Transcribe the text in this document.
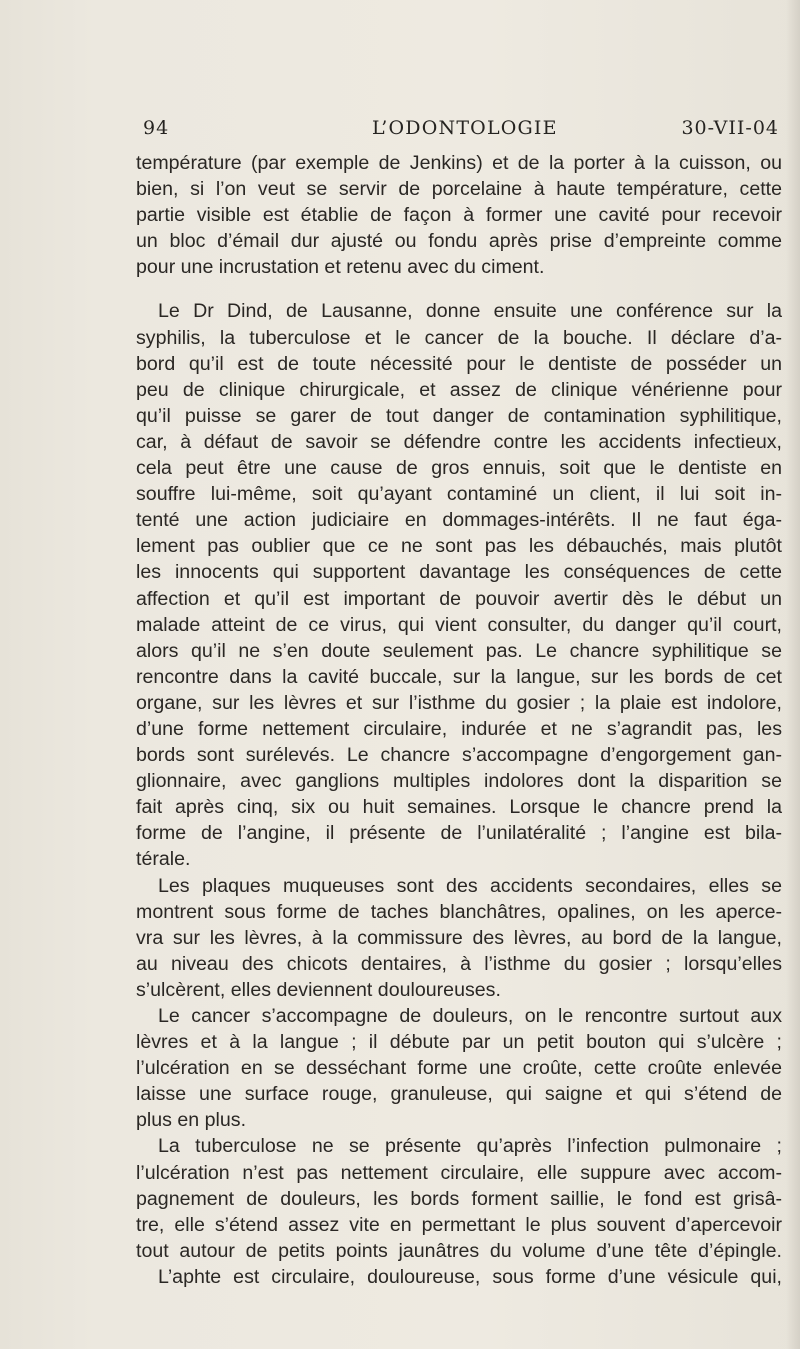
94	L’ODONTOLOGIE	30-VII-04
température (par exemple de Jenkins) et de la porter à la cuisson, ou
bien, si l’on veut se servir de porcelaine à haute température, cette
partie visible est établie de façon à former une cavité pour recevoir
un bloc d’émail dur ajusté ou fondu après prise d’empreinte comme
pour une incrustation et retenu avec du ciment.
Le Dr Dind, de Lausanne, donne ensuite une conférence sur la
syphilis, la tuberculose et le cancer de la bouche. Il déclare d’a-
bord qu’il est de toute nécessité pour le dentiste de posséder un
peu de clinique chirurgicale, et assez de clinique vénérienne pour
qu’il puisse se garer de tout danger de contamination syphilitique,
car, à défaut de savoir se défendre contre les accidents infectieux,
cela peut être une cause de gros ennuis, soit que le dentiste en
souffre lui-même, soit qu’ayant contaminé un client, il lui soit in-
tenté une action judiciaire en dommages-intérêts. Il ne faut éga-
lement pas oublier que ce ne sont pas les débauchés, mais plutôt
les innocents qui supportent davantage les conséquences de cette
affection et qu’il est important de pouvoir avertir dès le début un
malade atteint de ce virus, qui vient consulter, du danger qu’il court,
alors qu’il ne s’en doute seulement pas. Le chancre syphilitique se
rencontre dans la cavité buccale, sur la langue, sur les bords de cet
organe, sur les lèvres et sur l’isthme du gosier ; la plaie est indolore,
d’une forme nettement circulaire, indurée et ne s’agrandit pas, les
bords sont surélevés. Le chancre s’accompagne d’engorgement gan-
glionnaire, avec ganglions multiples indolores dont la disparition se
fait après cinq, six ou huit semaines. Lorsque le chancre prend la
forme de l’angine, il présente de l’unilatéralité ; l’angine est bila-
térale.
Les plaques muqueuses sont des accidents secondaires, elles se
montrent sous forme de taches blanchâtres, opalines, on les aperce-
vra sur les lèvres, à la commissure des lèvres, au bord de la langue,
au niveau des chicots dentaires, à l’isthme du gosier ; lorsqu’elles
s’ulcèrent, elles deviennent douloureuses.
Le cancer s’accompagne de douleurs, on le rencontre surtout aux
lèvres et à la langue ; il débute par un petit bouton qui s’ulcère ;
l’ulcération en se desséchant forme une croûte, cette croûte enlevée
laisse une surface rouge, granuleuse, qui saigne et qui s’étend de
plus en plus.
La tuberculose ne se présente qu’après l’infection pulmonaire ;
l’ulcération n’est pas nettement circulaire, elle suppure avec accom-
pagnement de douleurs, les bords forment saillie, le fond est grisâ-
tre, elle s’étend assez vite en permettant le plus souvent d’apercevoir
tout autour de petits points jaunâtres du volume d’une tête d’épingle.
L’aphte est circulaire, douloureuse, sous forme d’une vésicule qui,
